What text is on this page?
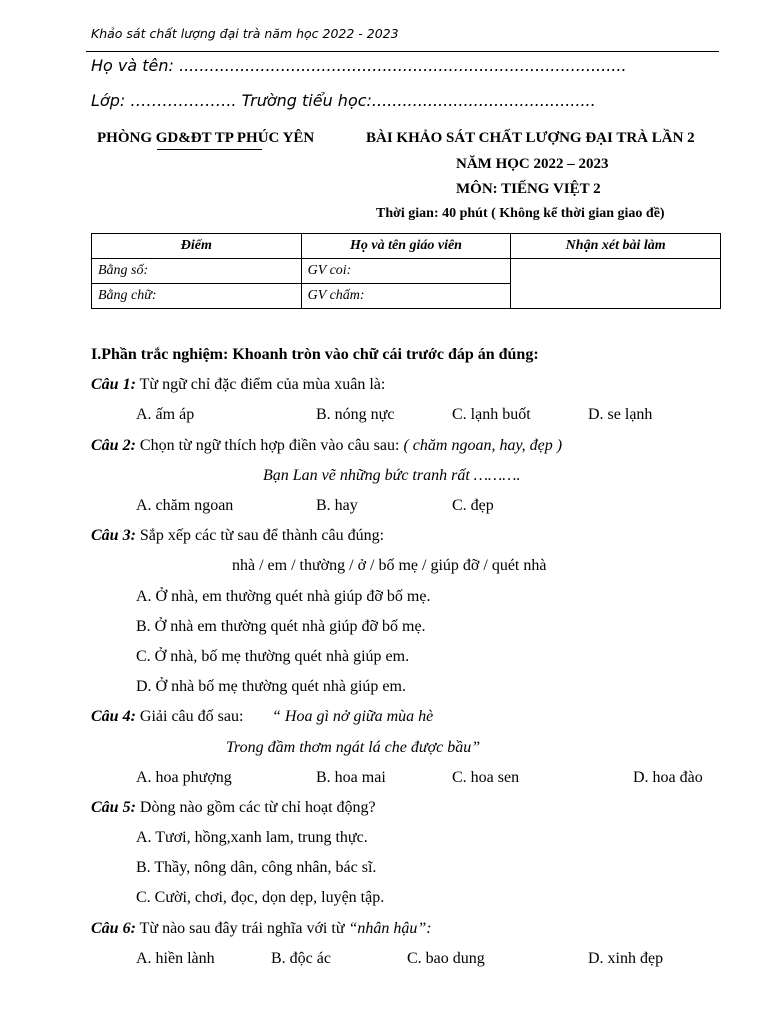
Khảo sát chất lượng đại trà năm học 2022 - 2023
Họ và tên: ........................................................................................
Lớp: ……………….. Trường tiểu học:............................................
PHÒNG GD&ĐT TP PHÚC YÊN	BÀI KHẢO SÁT CHẤT LƯỢNG ĐẠI TRÀ LẦN 2
NĂM HỌC 2022 – 2023
MÔN: TIẾNG VIỆT 2
Thời gian: 40 phút ( Không kể thời gian giao đề)
Điểm	Họ và tên giáo viên	Nhận xét bài làm
Bằng số:	GV coi:	
Bằng chữ:	GV chấm:	
I.Phần trắc nghiệm: Khoanh tròn vào chữ cái trước đáp án đúng:
Câu 1: Từ ngữ chỉ đặc điểm của mùa xuân là:
A. ấm áp	B. nóng nực	C. lạnh buốt	D. se lạnh
Câu 2: Chọn từ ngữ thích hợp điền vào câu sau: ( chăm ngoan, hay, đẹp )
Bạn Lan vẽ những bức tranh rất ……….
A. chăm ngoan	B. hay	C. đẹp
Câu 3: Sắp xếp các từ sau để thành câu đúng:
nhà / em / thường / ở / bố mẹ / giúp đỡ / quét nhà
A. Ở nhà, em thường quét nhà giúp đỡ bố mẹ.
B. Ở nhà em thường quét nhà giúp đỡ bố mẹ.
C. Ở nhà, bố mẹ thường quét nhà giúp em.
D. Ở nhà bố mẹ thường quét nhà giúp em.
Câu 4: Giải câu đố sau: “ Hoa gì nở giữa mùa hè
Trong đầm thơm ngát lá che được bầu”
A. hoa phượng	B. hoa mai	C. hoa sen	D. hoa đào
Câu 5: Dòng nào gồm các từ chỉ hoạt động?
A. Tươi, hồng,xanh lam, trung thực.
B. Thầy, nông dân, công nhân, bác sĩ.
C. Cười, chơi, đọc, dọn dẹp, luyện tập.
Câu 6: Từ nào sau đây trái nghĩa với từ “nhân hậu”:
A. hiền lành	B. độc ác	C. bao dung	D. xinh đẹp
